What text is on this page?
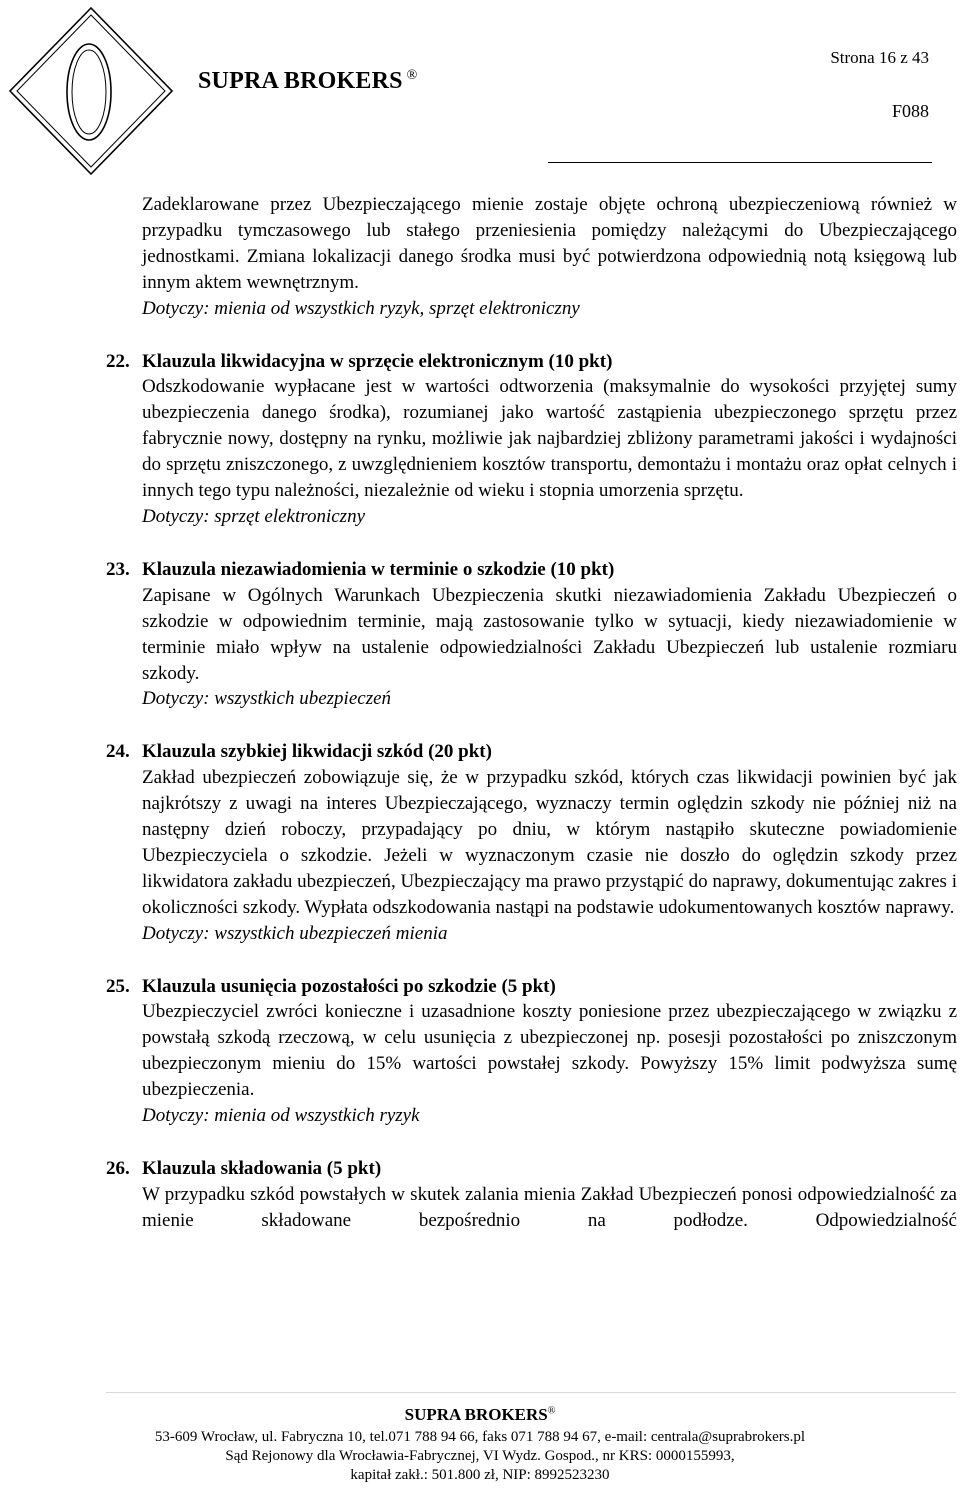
Strona 16 z 43
SUPRA BROKERS ®
F088
Zadeklarowane przez Ubezpieczającego mienie zostaje objęte ochroną ubezpieczeniową również w przypadku tymczasowego lub stałego przeniesienia pomiędzy należącymi do Ubezpieczającego jednostkami. Zmiana lokalizacji danego środka musi być potwierdzona odpowiednią notą księgową lub innym aktem wewnętrznym.
Dotyczy: mienia od wszystkich ryzyk, sprzęt elektroniczny
22. Klauzula likwidacyjna w sprzęcie elektronicznym (10 pkt)
Odszkodowanie wypłacane jest w wartości odtworzenia (maksymalnie do wysokości przyjętej sumy ubezpieczenia danego środka), rozumianej jako wartość zastąpienia ubezpieczonego sprzętu przez fabrycznie nowy, dostępny na rynku, możliwie jak najbardziej zbliżony parametrami jakości i wydajności do sprzętu zniszczonego, z uwzględnieniem kosztów transportu, demontażu i montażu oraz opłat celnych i innych tego typu należności, niezależnie od wieku i stopnia umorzenia sprzętu.
Dotyczy: sprzęt elektroniczny
23. Klauzula niezawiadomienia w terminie o szkodzie (10 pkt)
Zapisane w Ogólnych Warunkach Ubezpieczenia skutki niezawiadomienia Zakładu Ubezpieczeń o szkodzie w odpowiednim terminie, mają zastosowanie tylko w sytuacji, kiedy niezawiadomienie w terminie miało wpływ na ustalenie odpowiedzialności Zakładu Ubezpieczeń lub ustalenie rozmiaru szkody.
Dotyczy: wszystkich ubezpieczeń
24. Klauzula szybkiej likwidacji szkód (20 pkt)
Zakład ubezpieczeń zobowiązuje się, że w przypadku szkód, których czas likwidacji powinien być jak najkrótszy z uwagi na interes Ubezpieczającego, wyznaczy termin oględzin szkody nie później niż na następny dzień roboczy, przypadający po dniu, w którym nastąpiło skuteczne powiadomienie Ubezpieczyciela o szkodzie. Jeżeli w wyznaczonym czasie nie doszło do oględzin szkody przez likwidatora zakładu ubezpieczeń, Ubezpieczający ma prawo przystąpić do naprawy, dokumentując zakres i okoliczności szkody. Wypłata odszkodowania nastąpi na podstawie udokumentowanych kosztów naprawy.
Dotyczy: wszystkich ubezpieczeń mienia
25. Klauzula usunięcia pozostałości po szkodzie (5 pkt)
Ubezpieczyciel zwróci konieczne i uzasadnione koszty poniesione przez ubezpieczającego w związku z powstałą szkodą rzeczową, w celu usunięcia z ubezpieczonej np. posesji pozostałości po zniszczonym ubezpieczonym mieniu do 15% wartości powstałej szkody. Powyższy 15% limit podwyższa sumę ubezpieczenia.
Dotyczy: mienia od wszystkich ryzyk
26. Klauzula składowania (5 pkt)
W przypadku szkód powstałych w skutek zalania mienia Zakład Ubezpieczeń ponosi odpowiedzialność za mienie składowane bezpośrednio na podłodze. Odpowiedzialność
SUPRA BROKERS®
53-609 Wrocław, ul. Fabryczna 10, tel.071 788 94 66, faks 071 788 94 67, e-mail: centrala@suprabrokers.pl
Sąd Rejonowy dla Wrocławia-Fabrycznej, VI Wydz. Gospod., nr KRS: 0000155993,
kapitał zakł.: 501.800 zł, NIP: 8992523230
